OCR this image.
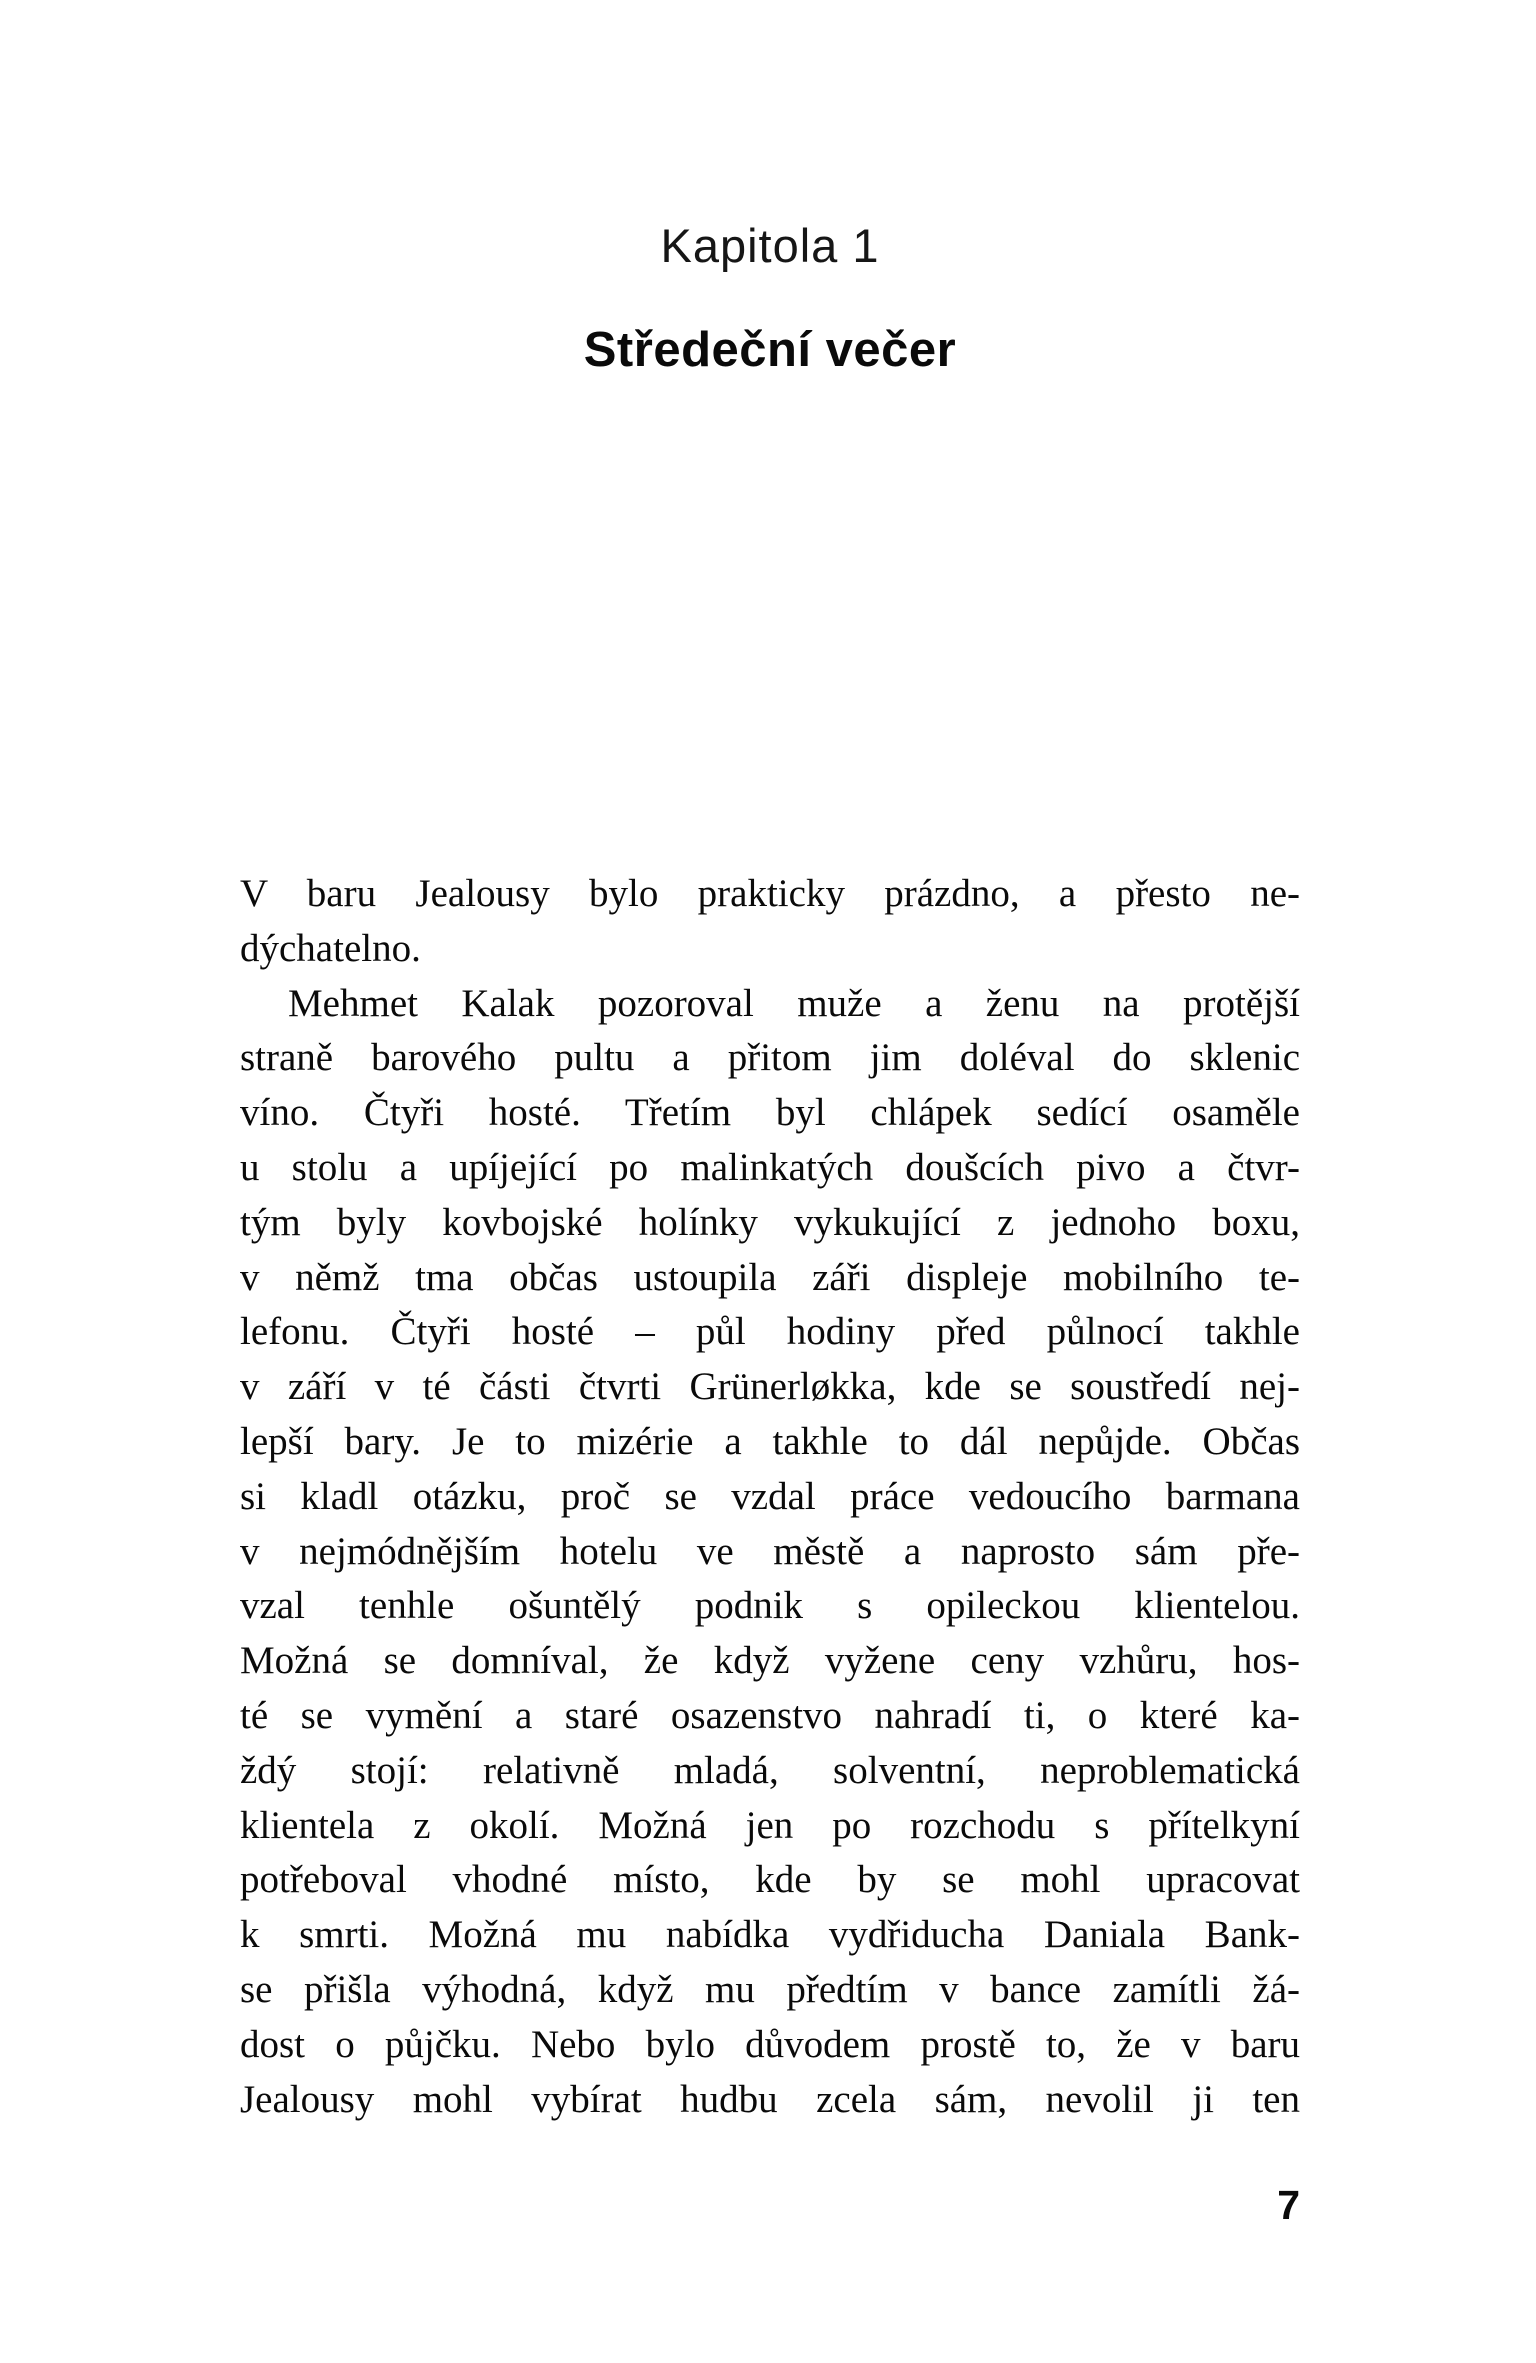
Kapitola 1
Středeční večer
V baru Jealousy bylo prakticky prázdno, a přesto ne-
dýchatelno.
Mehmet Kalak pozoroval muže a ženu na protější
straně barového pultu a přitom jim doléval do sklenic
víno. Čtyři hosté. Třetím byl chlápek sedící osaměle
u stolu a upíjející po malinkatých doušcích pivo a čtvr-
tým byly kovbojské holínky vykukující z jednoho boxu,
v němž tma občas ustoupila záři displeje mobilního te-
lefonu. Čtyři hosté – půl hodiny před půlnocí takhle
v září v té části čtvrti Grünerløkka, kde se soustředí nej-
lepší bary. Je to mizérie a takhle to dál nepůjde. Občas
si kladl otázku, proč se vzdal práce vedoucího barmana
v nejmódnějším hotelu ve městě a naprosto sám pře-
vzal tenhle ošuntělý podnik s opileckou klientelou.
Možná se domníval, že když vyžene ceny vzhůru, hos-
té se vymění a staré osazenstvo nahradí ti, o které ka-
ždý stojí: relativně mladá, solventní, neproblematická
klientela z okolí. Možná jen po rozchodu s přítelkyní
potřeboval vhodné místo, kde by se mohl upracovat
k smrti. Možná mu nabídka vydřiducha Daniala Bank-
se přišla výhodná, když mu předtím v bance zamítli žá-
dost o půjčku. Nebo bylo důvodem prostě to, že v baru
Jealousy mohl vybírat hudbu zcela sám, nevolil ji ten
7
